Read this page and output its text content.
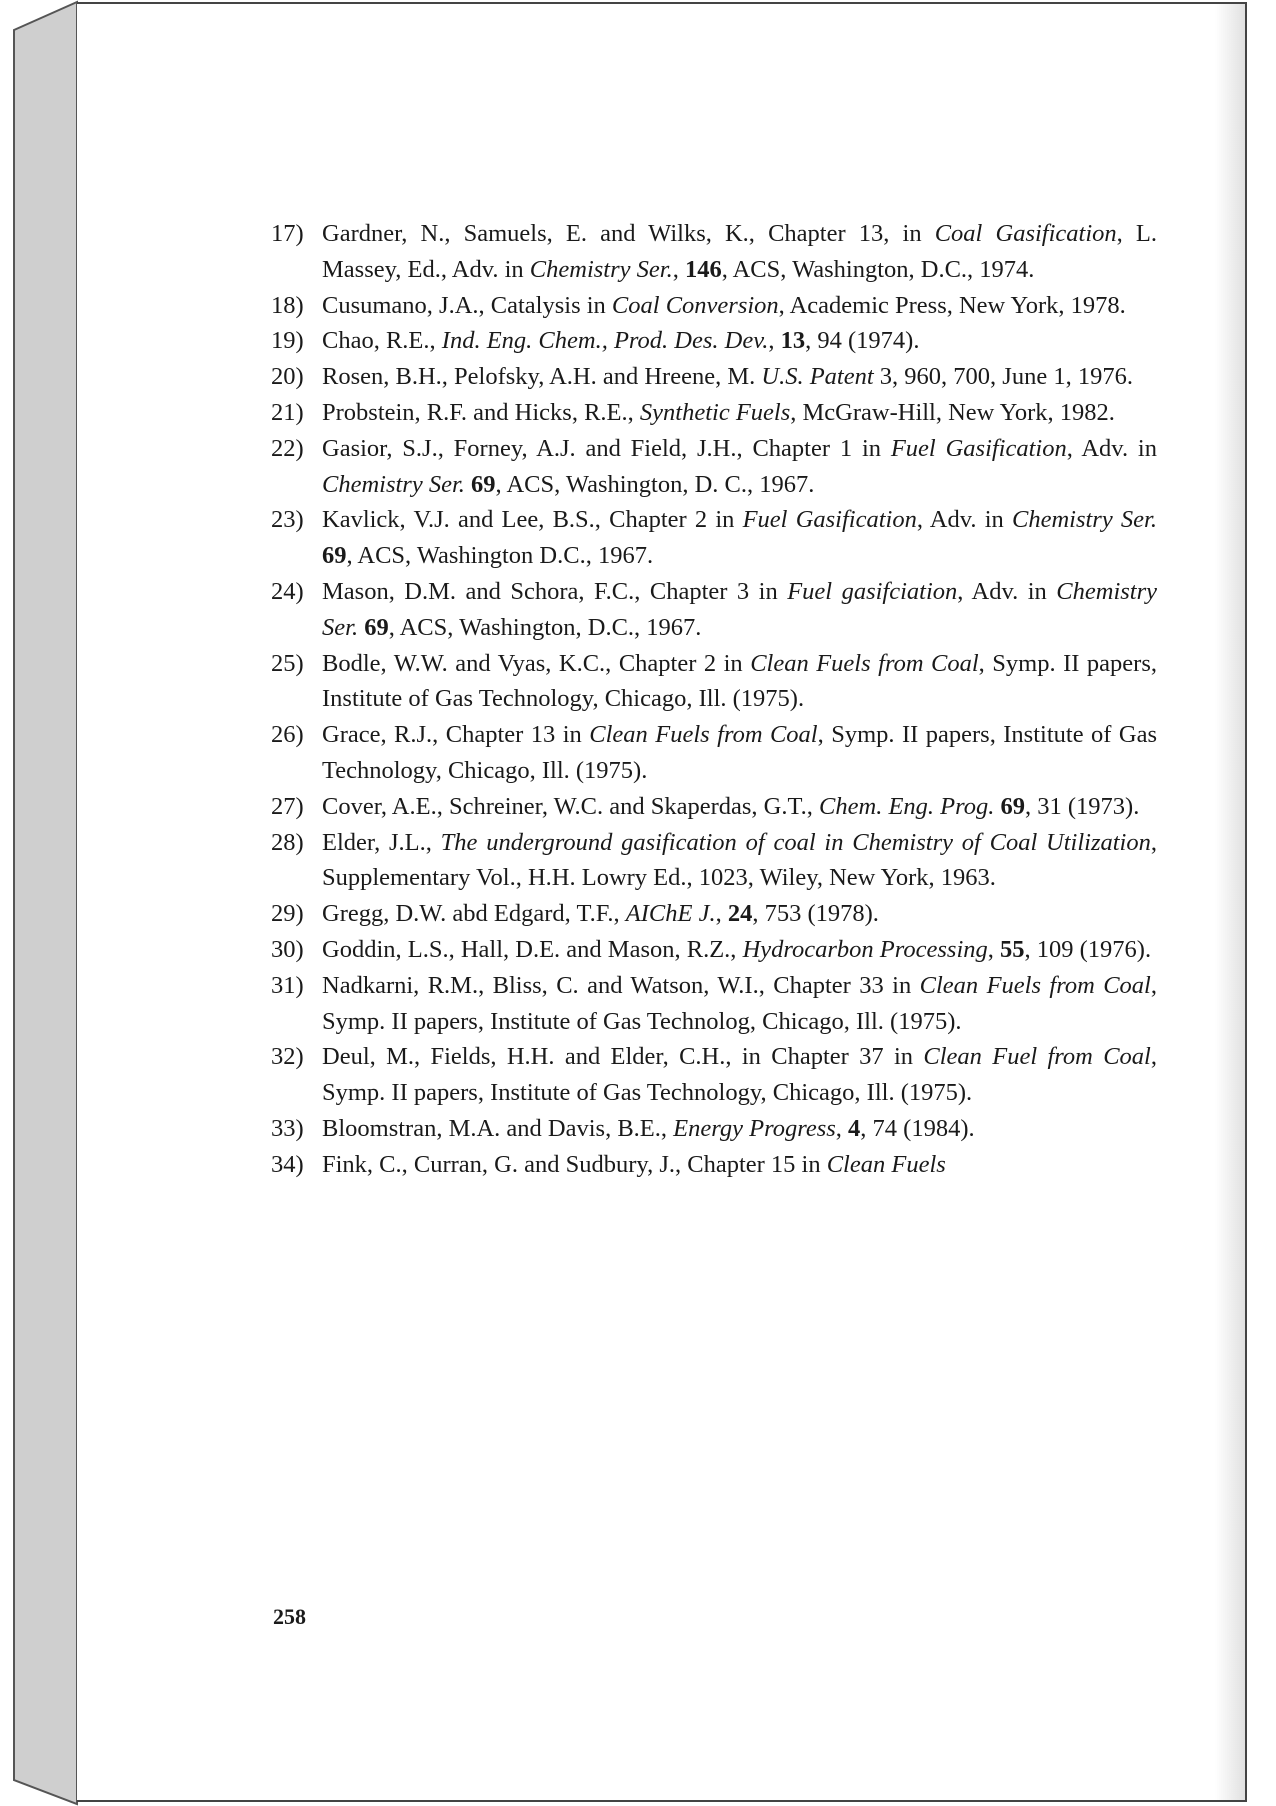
17) Gardner, N., Samuels, E. and Wilks, K., Chapter 13, in Coal Gasification, L. Massey, Ed., Adv. in Chemistry Ser., 146, ACS, Washington, D.C., 1974.
18) Cusumano, J.A., Catalysis in Coal Conversion, Academic Press, New York, 1978.
19) Chao, R.E., Ind. Eng. Chem., Prod. Des. Dev., 13, 94 (1974).
20) Rosen, B.H., Pelofsky, A.H. and Hreene, M. U.S. Patent 3, 960, 700, June 1, 1976.
21) Probstein, R.F. and Hicks, R.E., Synthetic Fuels, McGraw-Hill, New York, 1982.
22) Gasior, S.J., Forney, A.J. and Field, J.H., Chapter 1 in Fuel Gasification, Adv. in Chemistry Ser. 69, ACS, Washington, D. C., 1967.
23) Kavlick, V.J. and Lee, B.S., Chapter 2 in Fuel Gasification, Adv. in Chemistry Ser. 69, ACS, Washington D.C., 1967.
24) Mason, D.M. and Schora, F.C., Chapter 3 in Fuel gasifciation, Adv. in Chemistry Ser. 69, ACS, Washington, D.C., 1967.
25) Bodle, W.W. and Vyas, K.C., Chapter 2 in Clean Fuels from Coal, Symp. II papers, Institute of Gas Technology, Chicago, Ill. (1975).
26) Grace, R.J., Chapter 13 in Clean Fuels from Coal, Symp. II papers, Institute of Gas Technology, Chicago, Ill. (1975).
27) Cover, A.E., Schreiner, W.C. and Skaperdas, G.T., Chem. Eng. Prog. 69, 31 (1973).
28) Elder, J.L., The underground gasification of coal in Chemistry of Coal Utilization, Supplementary Vol., H.H. Lowry Ed., 1023, Wiley, New York, 1963.
29) Gregg, D.W. abd Edgard, T.F., AIChE J., 24, 753 (1978).
30) Goddin, L.S., Hall, D.E. and Mason, R.Z., Hydrocarbon Processing, 55, 109 (1976).
31) Nadkarni, R.M., Bliss, C. and Watson, W.I., Chapter 33 in Clean Fuels from Coal, Symp. II papers, Institute of Gas Technolog, Chicago, Ill. (1975).
32) Deul, M., Fields, H.H. and Elder, C.H., in Chapter 37 in Clean Fuel from Coal, Symp. II papers, Institute of Gas Technology, Chicago, Ill. (1975).
33) Bloomstran, M.A. and Davis, B.E., Energy Progress, 4, 74 (1984).
34) Fink, C., Curran, G. and Sudbury, J., Chapter 15 in Clean Fuels
258
